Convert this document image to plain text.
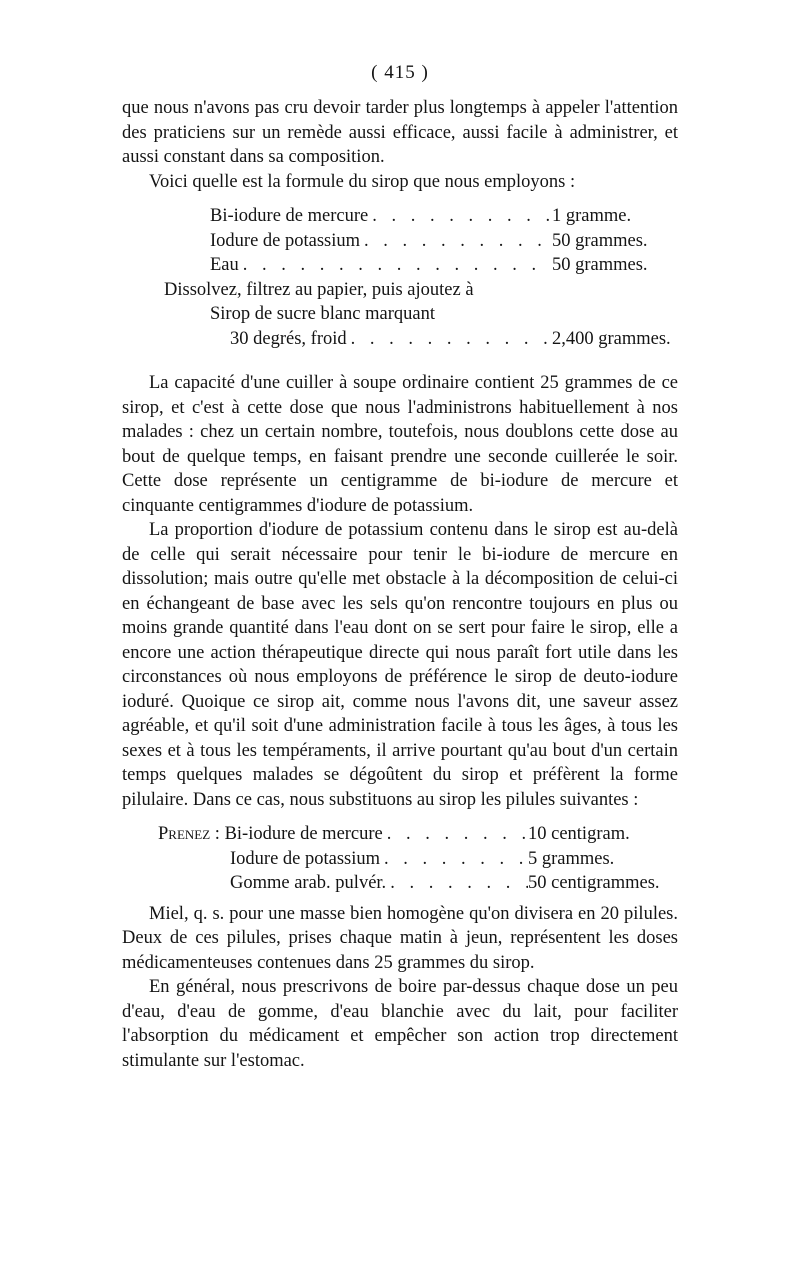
( 415 )

que nous n'avons pas cru devoir tarder plus longtemps à appeler l'attention des praticiens sur un remède aussi efficace, aussi facile à administrer, et aussi constant dans sa composition.

Voici quelle est la formule du sirop que nous employons :

Bi-iodure de mercure . . .	1 gramme.
Iodure de potassium . . .	50 grammes.
Eau . . .	50 grammes.
Dissolvez, filtrez au papier, puis ajoutez à
Sirop de sucre blanc marquant
30 degrés, froid . . .	2,400 grammes.

La capacité d'une cuiller à soupe ordinaire contient 25 grammes de ce sirop, et c'est à cette dose que nous l'administrons habituellement à nos malades : chez un certain nombre, toutefois, nous doublons cette dose au bout de quelque temps, en faisant prendre une seconde cuillerée le soir. Cette dose représente un centigramme de bi-iodure de mercure et cinquante centigrammes d'iodure de potassium.

La proportion d'iodure de potassium contenu dans le sirop est au-delà de celle qui serait nécessaire pour tenir le bi-iodure de mercure en dissolution; mais outre qu'elle met obstacle à la décomposition de celui-ci en échangeant de base avec les sels qu'on rencontre toujours en plus ou moins grande quantité dans l'eau dont on se sert pour faire le sirop, elle a encore une action thérapeutique directe qui nous paraît fort utile dans les circonstances où nous employons de préférence le sirop de deuto-iodure ioduré. Quoique ce sirop ait, comme nous l'avons dit, une saveur assez agréable, et qu'il soit d'une administration facile à tous les âges, à tous les sexes et à tous les tempéraments, il arrive pourtant qu'au bout d'un certain temps quelques malades se dégoûtent du sirop et préfèrent la forme pilulaire. Dans ce cas, nous substituons au sirop les pilules suivantes :

Prenez : Bi-iodure de mercure . . .	10 centigram.
Iodure de potassium . . .	5 grammes.
Gomme arab. pulvér. . . .	50 centigrammes.

Miel, q. s. pour une masse bien homogène qu'on divisera en 20 pilules. Deux de ces pilules, prises chaque matin à jeun, représentent les doses médicamenteuses contenues dans 25 grammes du sirop.

En général, nous prescrivons de boire par-dessus chaque dose un peu d'eau, d'eau de gomme, d'eau blanchie avec du lait, pour faciliter l'absorption du médicament et empêcher son action trop directement stimulante sur l'estomac.
